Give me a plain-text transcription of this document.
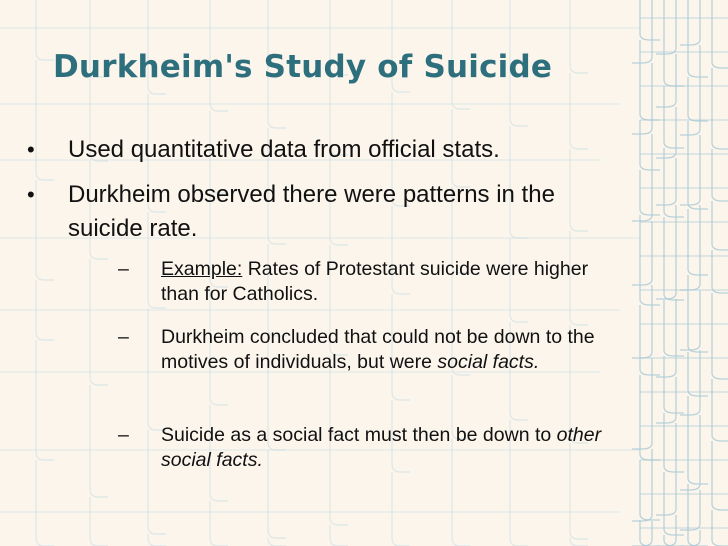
Durkheim's Study of Suicide
•	Used quantitative data from official stats.
•	Durkheim observed there were patterns in the suicide rate.
–	Example: Rates of Protestant suicide were higher than for Catholics.
–	Durkheim concluded that could not be down to the motives of individuals, but were social facts.
–	Suicide as a social fact must then be down to other social facts.
